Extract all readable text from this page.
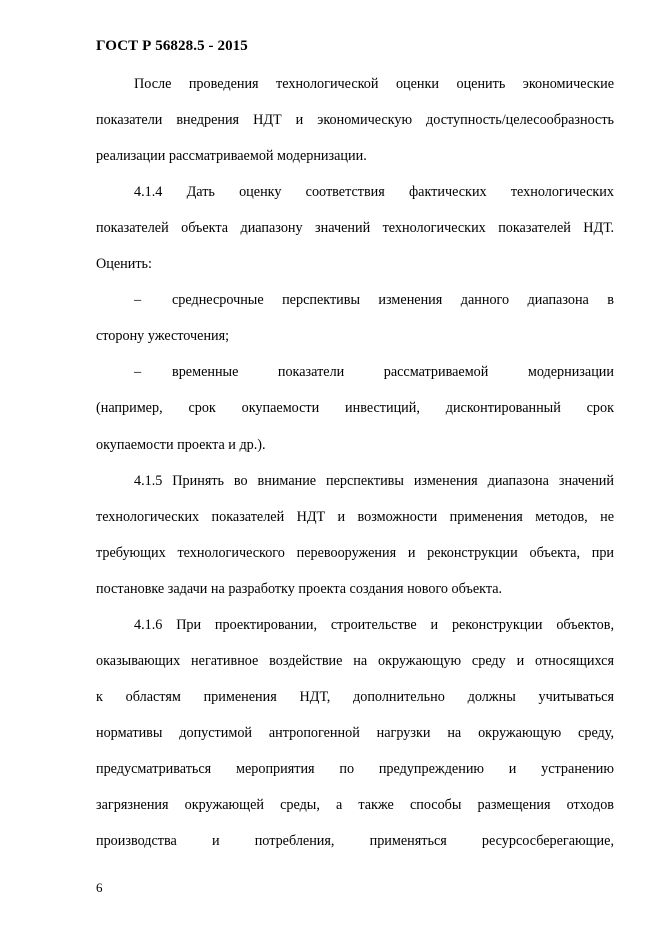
ГОСТ Р 56828.5 - 2015
После проведения технологической оценки оценить экономические
показатели внедрения НДТ и экономическую доступность/целесообразность
реализации рассматриваемой модернизации.
4.1.4 Дать оценку соответствия фактических технологических
показателей объекта диапазону значений технологических показателей НДТ.
Оценить:
– среднесрочные перспективы изменения данного диапазона в
сторону ужесточения;
– временные показатели рассматриваемой модернизации
(например, срок окупаемости инвестиций, дисконтированный срок
окупаемости проекта и др.).
4.1.5 Принять во внимание перспективы изменения диапазона значений
технологических показателей НДТ и возможности применения методов, не
требующих технологического перевооружения и реконструкции объекта, при
постановке задачи на разработку проекта создания нового объекта.
4.1.6 При проектировании, строительстве и реконструкции объектов,
оказывающих негативное воздействие на окружающую среду и относящихся
к областям применения НДТ, дополнительно должны учитываться
нормативы допустимой антропогенной нагрузки на окружающую среду,
предусматриваться мероприятия по предупреждению и устранению
загрязнения окружающей среды, а также способы размещения отходов
производства и потребления, применяться ресурсосберегающие,
6
